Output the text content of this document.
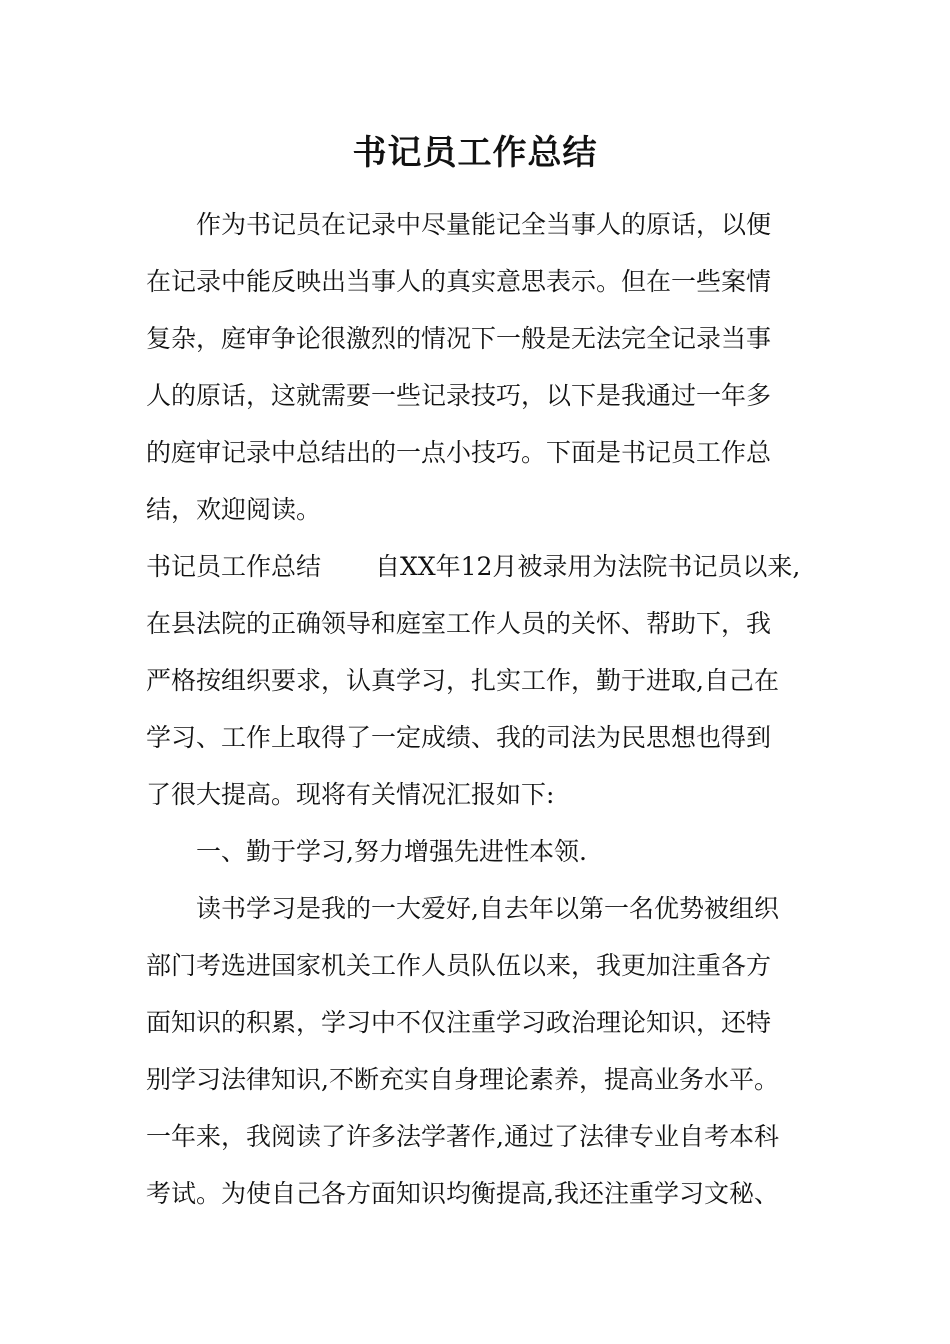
书记员工作总结
作为书记员在记录中尽量能记全当事人的原话，以便
在记录中能反映出当事人的真实意思表示。但在一些案情
复杂，庭审争论很激烈的情况下一般是无法完全记录当事
人的原话，这就需要一些记录技巧，以下是我通过一年多
的庭审记录中总结出的一点小技巧。下面是书记员工作总
结，欢迎阅读。
书记员工作总结 自XX年12月被录用为法院书记员以来,
在县法院的正确领导和庭室工作人员的关怀、帮助下，我
严格按组织要求，认真学习，扎实工作，勤于进取,自己在
学习、工作上取得了一定成绩、我的司法为民思想也得到
了很大提高。现将有关情况汇报如下:
一、勤于学习,努力增强先进性本领.
读书学习是我的一大爱好,自去年以第一名优势被组织
部门考选进国家机关工作人员队伍以来，我更加注重各方
面知识的积累，学习中不仅注重学习政治理论知识，还特
别学习法律知识,不断充实自身理论素养，提高业务水平。
一年来，我阅读了许多法学著作,通过了法律专业自考本科
考试。为使自己各方面知识均衡提高,我还注重学习文秘、
